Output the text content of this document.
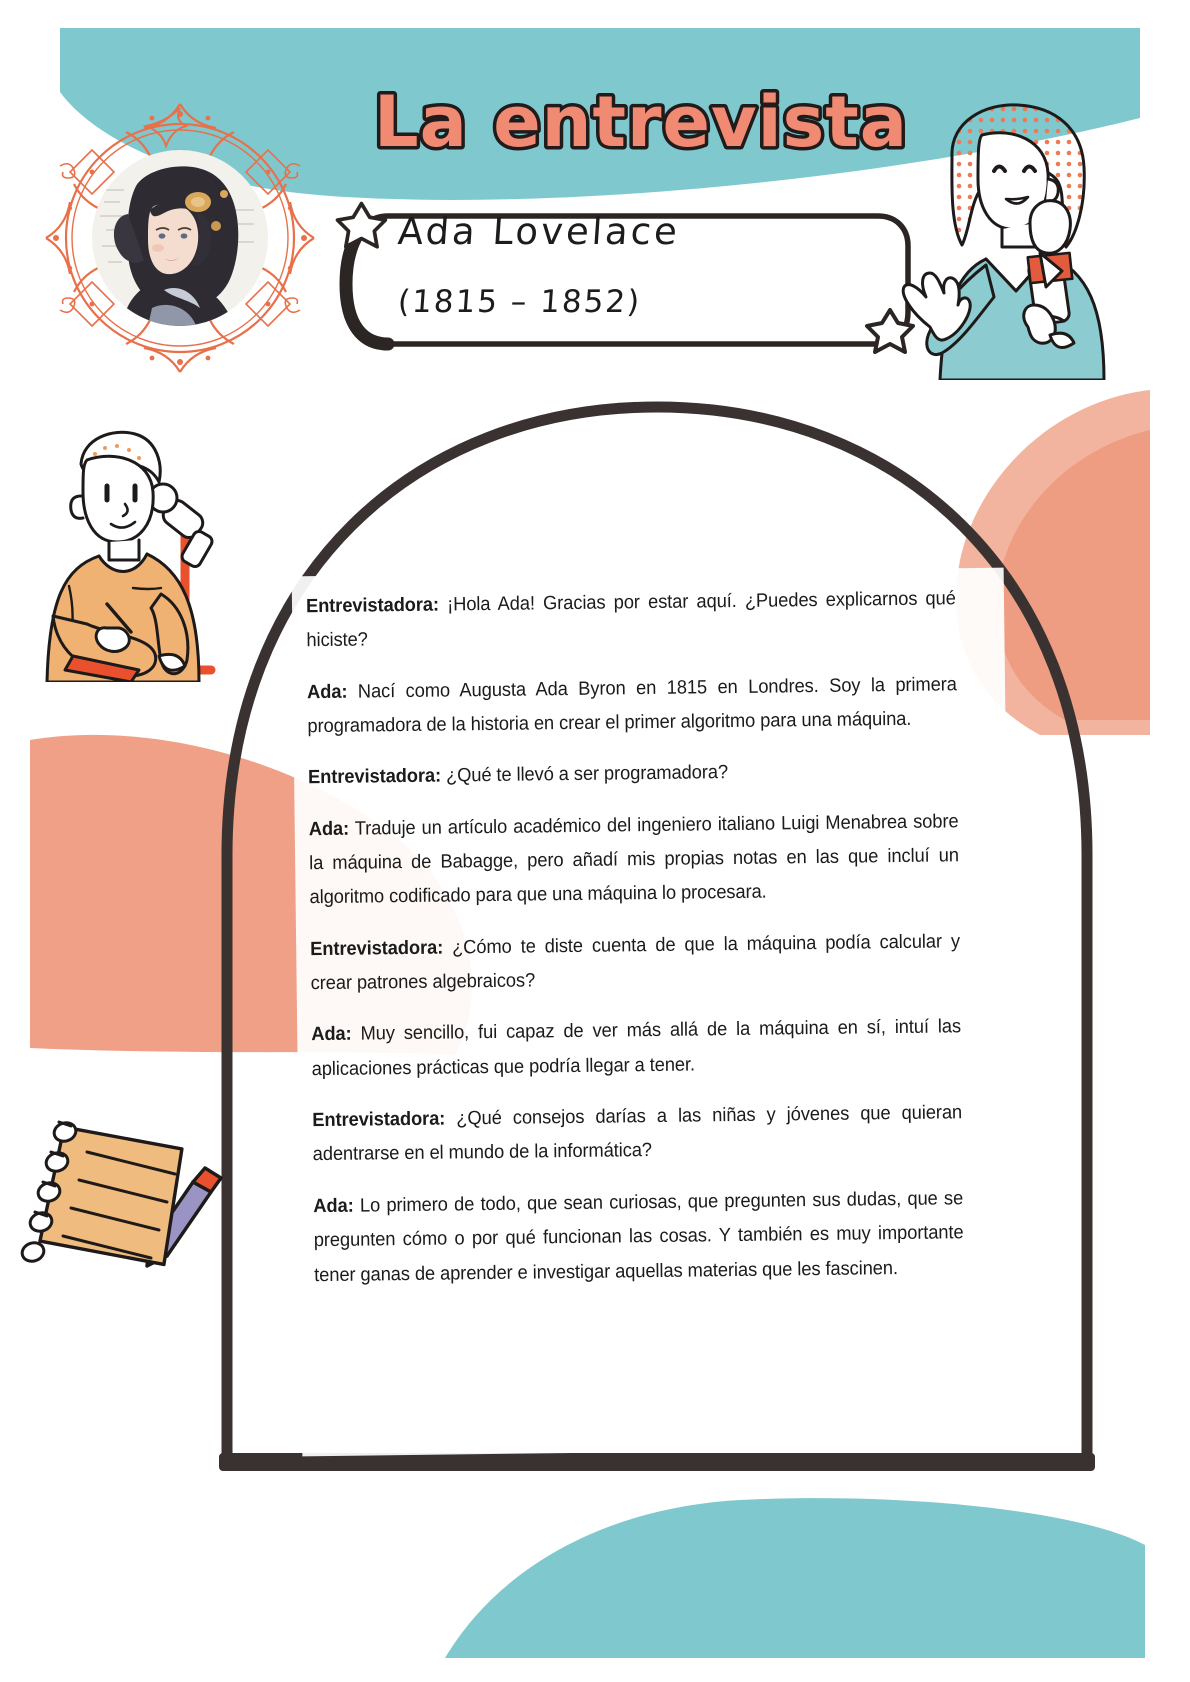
La entrevista
Ada Lovelace
(1815 – 1852)

Entrevistadora: ¡Hola Ada! Gracias por estar aquí. ¿Puedes explicarnos qué hiciste?

Ada: Nací como Augusta Ada Byron en 1815 en Londres. Soy la primera programadora de la historia en crear el primer algoritmo para una máquina.

Entrevistadora: ¿Qué te llevó a ser programadora?

Ada: Traduje un artículo académico del ingeniero italiano Luigi Menabrea sobre la máquina de Babagge, pero añadí mis propias notas en las que incluí un algoritmo codificado para que una máquina lo procesara.

Entrevistadora: ¿Cómo te diste cuenta de que la máquina podía calcular y crear patrones algebraicos?

Ada: Muy sencillo, fui capaz de ver más allá de la máquina en sí, intuí las aplicaciones prácticas que podría llegar a tener.

Entrevistadora: ¿Qué consejos darías a las niñas y jóvenes que quieran adentrarse en el mundo de la informática?

Ada: Lo primero de todo, que sean curiosas, que pregunten sus dudas, que se pregunten cómo o por qué funcionan las cosas. Y también es muy importante tener ganas de aprender e investigar aquellas materias que les fascinen.
